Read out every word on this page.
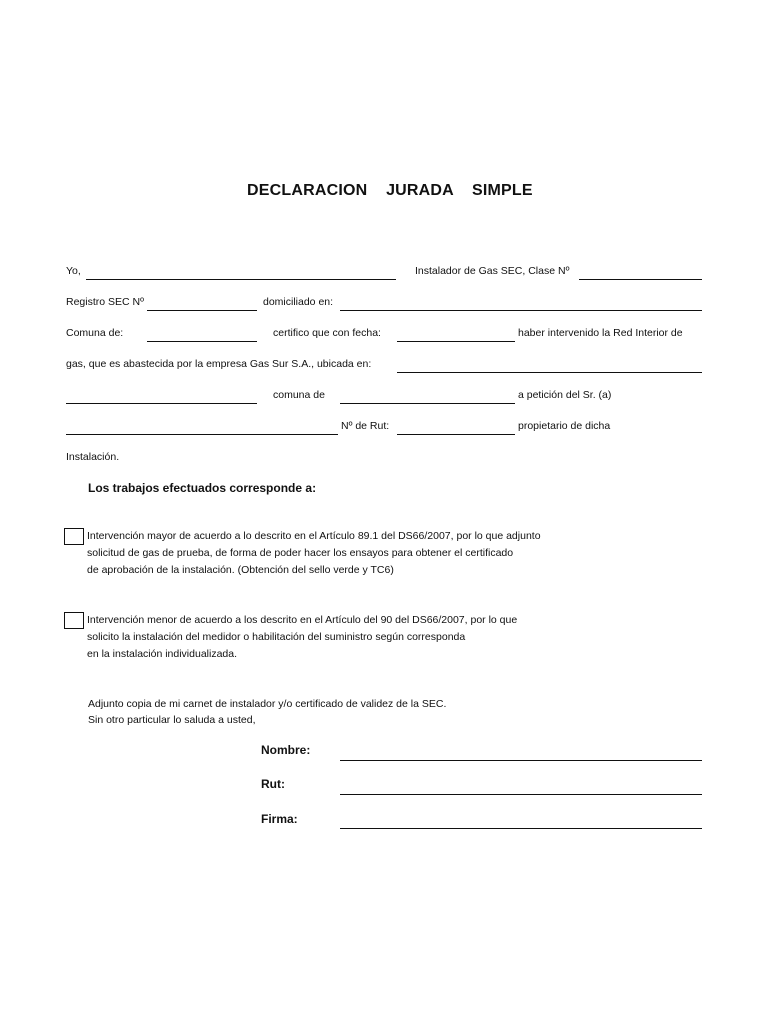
DECLARACION JURADA SIMPLE
Yo,	Instalador de Gas SEC, Clase Nº
Registro SEC Nº	domiciliado en:
Comuna de:	certifico que con fecha:	haber intervenido la Red Interior de
gas, que es abastecida por la empresa Gas Sur S.A., ubicada en:
comuna de	a petición del Sr. (a)
Nº de Rut:	propietario de dicha
Instalación.
Los trabajos efectuados corresponde a:
Intervención mayor de acuerdo a lo descrito en el Artículo 89.1 del DS66/2007, por lo que adjunto
solicitud de gas de prueba, de forma de poder hacer los ensayos para obtener el certificado
de aprobación de la instalación. (Obtención del sello verde y TC6)
Intervención menor de acuerdo a los descrito en el Artículo del 90 del DS66/2007, por lo que
solicito la instalación del medidor o habilitación del suministro según corresponda
en la instalación individualizada.
Adjunto copia de mi carnet de instalador y/o certificado de validez de la SEC.
Sin otro particular lo saluda a usted,
Nombre:
Rut:
Firma:
